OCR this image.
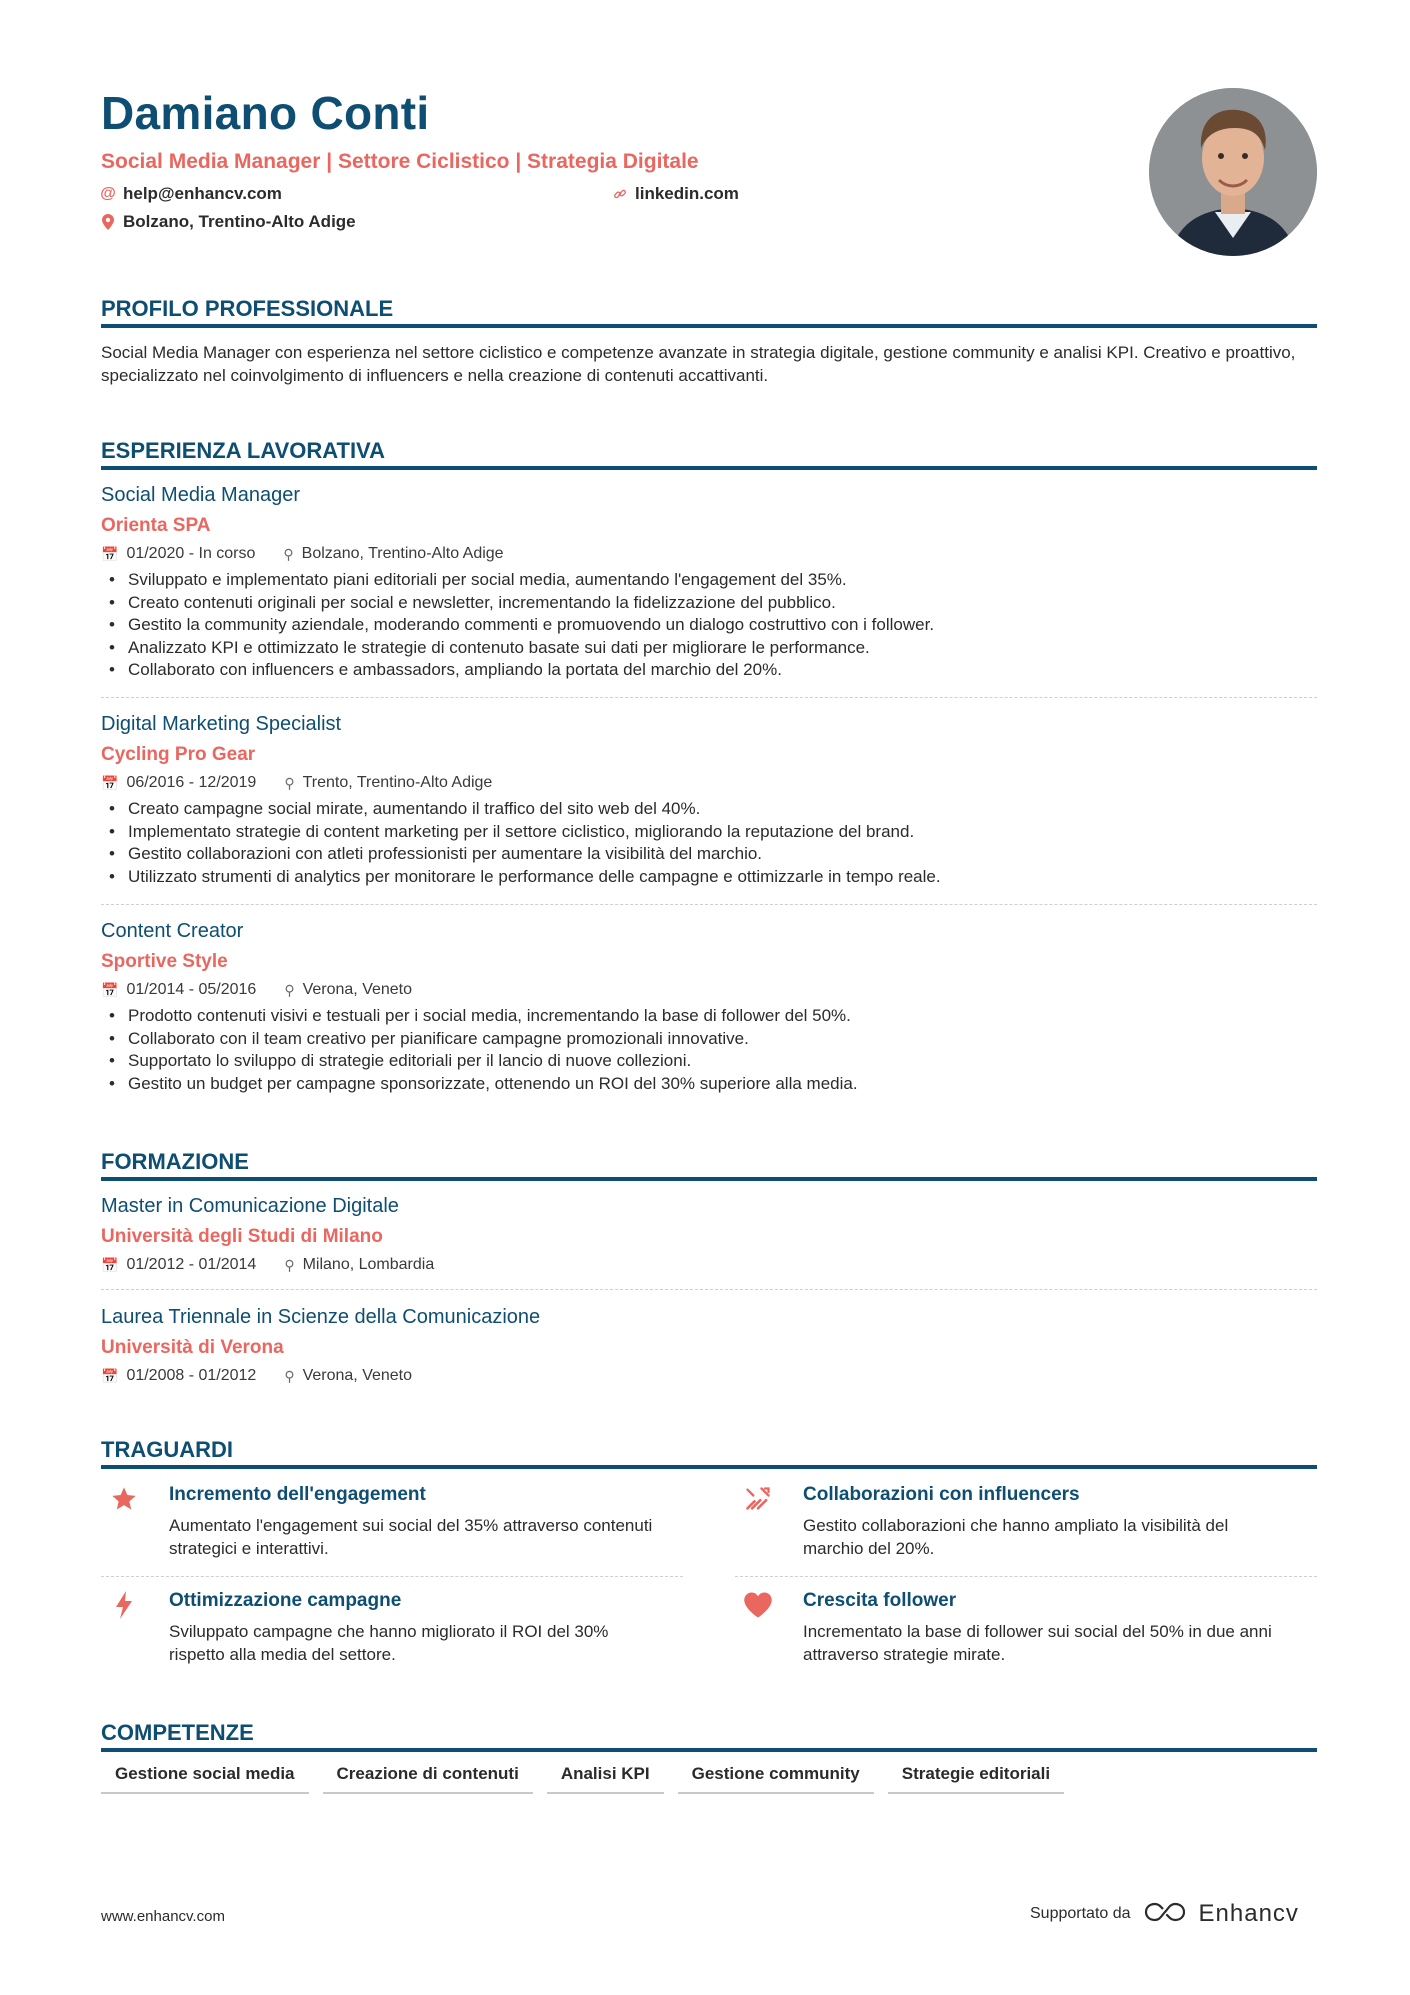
Damiano Conti
Social Media Manager | Settore Ciclistico | Strategia Digitale
@ help@enhancv.com	linkedin.com
Bolzano, Trentino-Alto Adige
PROFILO PROFESSIONALE
Social Media Manager con esperienza nel settore ciclistico e competenze avanzate in strategia digitale, gestione community e analisi KPI. Creativo e proattivo, specializzato nel coinvolgimento di influencers e nella creazione di contenuti accattivanti.
ESPERIENZA LAVORATIVA
Social Media Manager
Orienta SPA
📅 01/2020 - In corso ⚲ Bolzano, Trentino-Alto Adige
• Sviluppato e implementato piani editoriali per social media, aumentando l'engagement del 35%.
• Creato contenuti originali per social e newsletter, incrementando la fidelizzazione del pubblico.
• Gestito la community aziendale, moderando commenti e promuovendo un dialogo costruttivo con i follower.
• Analizzato KPI e ottimizzato le strategie di contenuto basate sui dati per migliorare le performance.
• Collaborato con influencers e ambassadors, ampliando la portata del marchio del 20%.
Digital Marketing Specialist
Cycling Pro Gear
📅 06/2016 - 12/2019 ⚲ Trento, Trentino-Alto Adige
• Creato campagne social mirate, aumentando il traffico del sito web del 40%.
• Implementato strategie di content marketing per il settore ciclistico, migliorando la reputazione del brand.
• Gestito collaborazioni con atleti professionisti per aumentare la visibilità del marchio.
• Utilizzato strumenti di analytics per monitorare le performance delle campagne e ottimizzarle in tempo reale.
Content Creator
Sportive Style
📅 01/2014 - 05/2016 ⚲ Verona, Veneto
• Prodotto contenuti visivi e testuali per i social media, incrementando la base di follower del 50%.
• Collaborato con il team creativo per pianificare campagne promozionali innovative.
• Supportato lo sviluppo di strategie editoriali per il lancio di nuove collezioni.
• Gestito un budget per campagne sponsorizzate, ottenendo un ROI del 30% superiore alla media.
FORMAZIONE
Master in Comunicazione Digitale
Università degli Studi di Milano
📅 01/2012 - 01/2014 ⚲ Milano, Lombardia
Laurea Triennale in Scienze della Comunicazione
Università di Verona
📅 01/2008 - 01/2012 ⚲ Verona, Veneto
TRAGUARDI
Incremento dell'engagement
Aumentato l'engagement sui social del 35% attraverso contenuti strategici e interattivi.
Collaborazioni con influencers
Gestito collaborazioni che hanno ampliato la visibilità del marchio del 20%.
Ottimizzazione campagne
Sviluppato campagne che hanno migliorato il ROI del 30% rispetto alla media del settore.
Crescita follower
Incrementato la base di follower sui social del 50% in due anni attraverso strategie mirate.
COMPETENZE
Gestione social media	Creazione di contenuti	Analisi KPI	Gestione community	Strategie editoriali
www.enhancv.com	Supportato da	Enhancv
